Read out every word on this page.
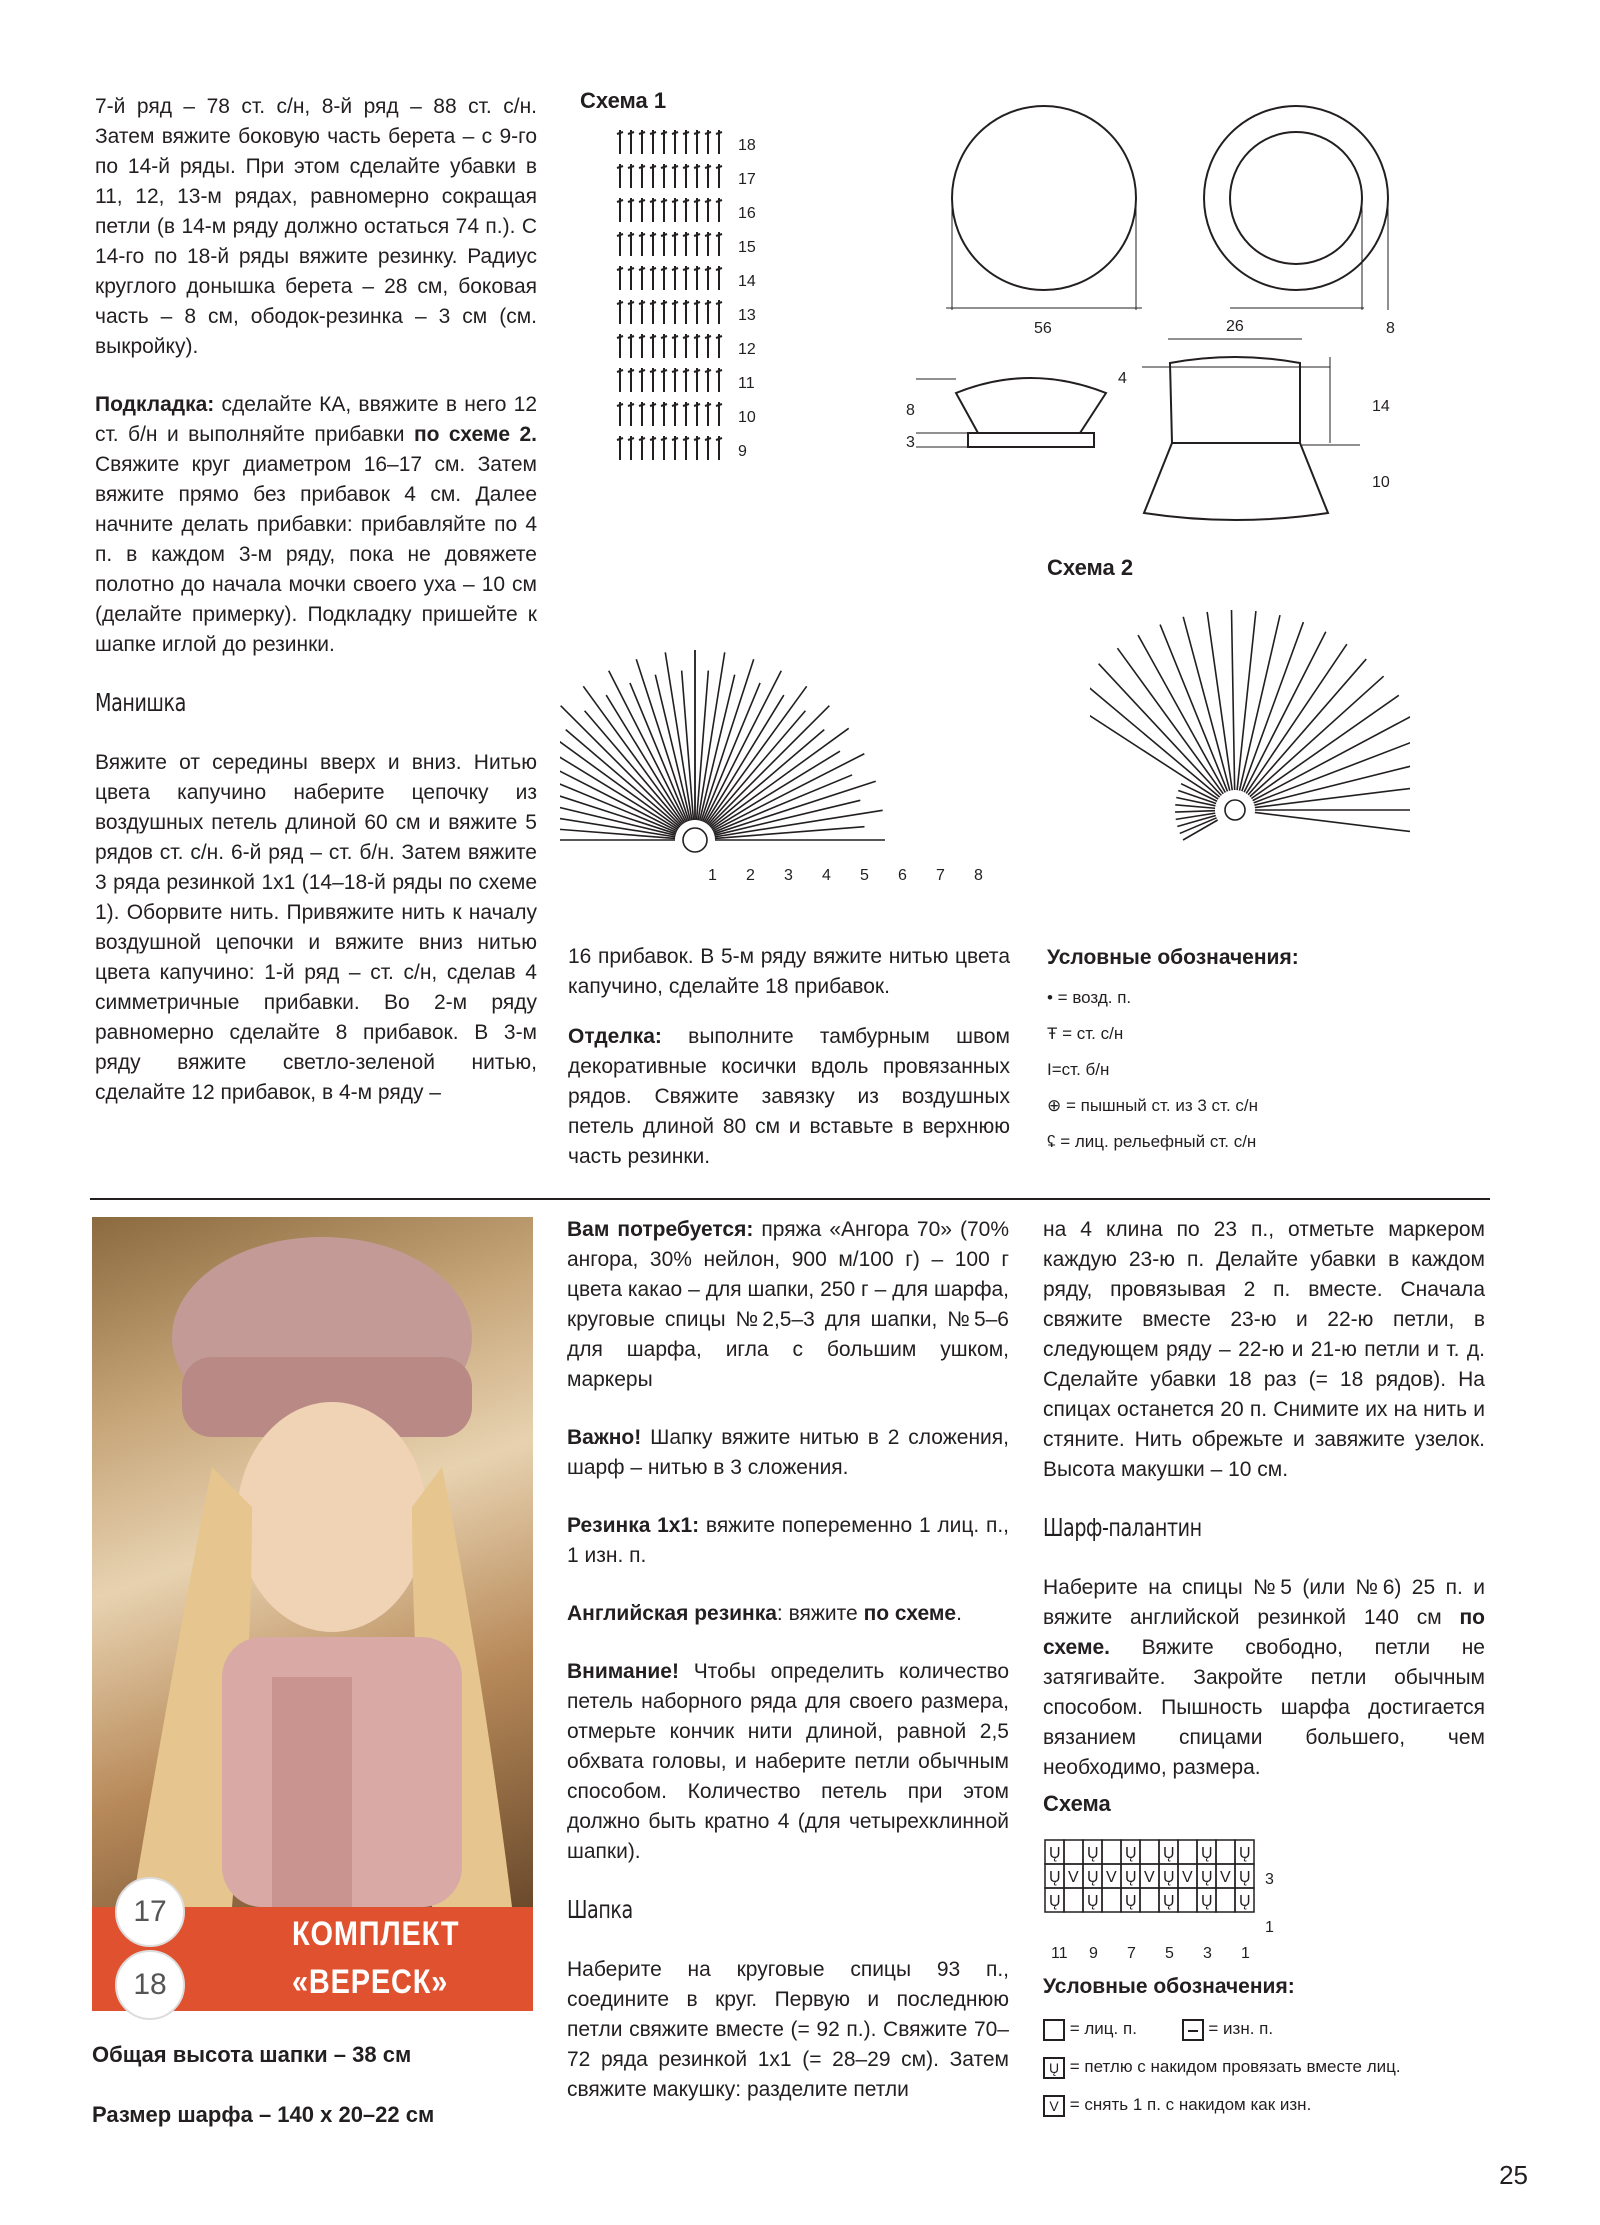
7-й ряд – 78 ст. с/н, 8-й ряд – 88 ст. с/н. Затем вяжите боковую часть берета – с 9-го по 14-й ряды. При этом сделайте убавки в 11, 12, 13-м рядах, равномерно сокращая петли (в 14-м ряду должно остаться 74 п.). С 14-го по 18-й ряды вяжите резинку. Радиус круглого донышка берета – 28 см, боковая часть – 8 см, ободок-резинка – 3 см (см. выкройку).

Подкладка: сделайте КА, ввяжите в него 12 ст. б/н и выполняйте прибавки по схеме 2. Свяжите круг диаметром 16–17 см. Затем вяжите прямо без прибавок 4 см. Далее начните делать прибавки: прибавляйте по 4 п. в каждом 3-м ряду, пока не довяжете полотно до начала мочки своего уха – 10 см (делайте примерку). Подкладку пришейте к шапке иглой до резинки.

Манишка

Вяжите от середины вверх и вниз. Нитью цвета капучино наберите цепочку из воздушных петель длиной 60 см и вяжите 5 рядов ст. с/н. 6-й ряд – ст. б/н. Затем вяжите 3 ряда резинкой 1х1 (14–18-й ряды по схеме 1). Оборвите нить. Привяжите нить к началу воздушной цепочки и вяжите вниз нитью цвета капучино: 1-й ряд – ст. с/н, сделав 4 симметричные прибавки. Во 2-м ряду равномерно сделайте 8 прибавок. В 3-м ряду вяжите светло-зеленой нитью, сделайте 12 прибавок, в 4-м ряду –

Схема 1
18
17
16
15
14
13
12
11
10
9
1 2 3 4 5 6 7 8

16 прибавок. В 5-м ряду вяжите нитью цвета капучино, сделайте 18 прибавок.

Отделка: выполните тамбурным швом декоративные косички вдоль провязанных рядов. Свяжите завязку из воздушных петель длиной 80 см и вставьте в верхнюю часть резинки.

56	8
26
4
14
10
8
3
Схема 2
Условные обозначения:
• = возд. п.
Ŧ = ст. с/н
I=ст. б/н
⊕ = пышный ст. из 3 ст. с/н
ʢ = лиц. рельефный ст. с/н
КОМПЛЕКТ
«ВЕРЕСК»
17
18
Общая высота шапки – 38 см
Размер шарфа – 140 х 20–22 см

Вам потребуется: пряжа «Ангора 70» (70% ангора, 30% нейлон, 900 м/100 г) – 100 г цвета какао – для шапки, 250 г – для шарфа, круговые спицы №2,5–3 для шапки, №5–6 для шарфа, игла с большим ушком, маркеры

Важно! Шапку вяжите нитью в 2 сложения, шарф – нитью в 3 сложения.

Резинка 1х1: вяжите попеременно 1 лиц. п., 1 изн. п.

Английская резинка: вяжите по схеме.

Внимание! Чтобы определить количество петель наборного ряда для своего размера, отмерьте кончик нити длиной, равной 2,5 обхвата головы, и наберите петли обычным способом. Количество петель при этом должно быть кратно 4 (для четырехклинной шапки).

Шапка

Наберите на круговые спицы 93 п., соедините в круг. Первую и последнюю петли свяжите вместе (= 92 п.). Свяжите 70–72 ряда резинкой 1х1 (= 28–29 см). Затем свяжите макушку: разделите петли

на 4 клина по 23 п., отметьте маркером каждую 23-ю п. Делайте убавки в каждом ряду, провязывая 2 п. вместе. Сначала свяжите вместе 23-ю и 22-ю петли, в следующем ряду – 22-ю и 21-ю петли и т. д. Сделайте убавки 18 раз (= 18 рядов). На спицах останется 20 п. Снимите их на нить и стяните. Нить обрежьте и завяжите узелок. Высота макушки – 10 см.

Шарф-палантин

Наберите на спицы №5 (или №6) 25 п. и вяжите английской резинкой 140 см по схеме. Вяжите свободно, петли не затягивайте. Закройте петли обычным способом. Пышность шарфа достигается вязанием спицами большего, чем необходимо, размера.

Схема
Ų Ų Ų Ų Ų Ų
Ų V Ų V Ų V Ų V Ų V Ų
Ų Ų Ų Ų Ų Ų
3
1
11 9 7 5 3 1
Условные обозначения:
= лиц. п.	= изн. п.
Ų = петлю с накидом провязать вместе лиц.
V = снять 1 п. с накидом как изн.
25
